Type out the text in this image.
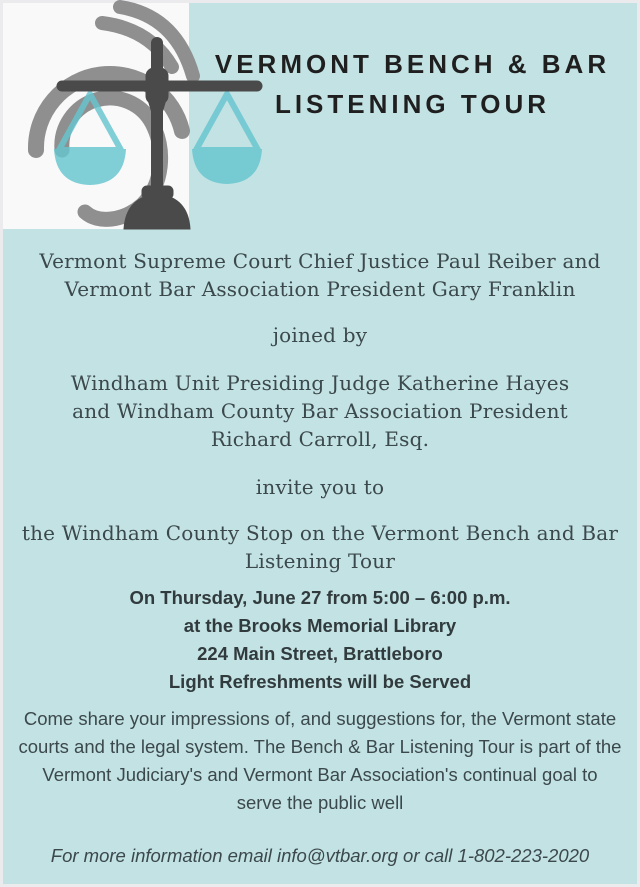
VERMONT BENCH & BAR
LISTENING TOUR

Vermont Supreme Court Chief Justice Paul Reiber and
Vermont Bar Association President Gary Franklin

joined by

Windham Unit Presiding Judge Katherine Hayes
and Windham County Bar Association President
Richard Carroll, Esq.

invite you to

the Windham County Stop on the Vermont Bench and Bar
Listening Tour

On Thursday, June 27 from 5:00 – 6:00 p.m.
at the Brooks Memorial Library
224 Main Street, Brattleboro
Light Refreshments will be Served

Come share your impressions of, and suggestions for, the Vermont state courts and the legal system. The Bench & Bar Listening Tour is part of the Vermont Judiciary's and Vermont Bar Association's continual goal to serve the public well

For more information email info@vtbar.org or call 1-802-223-2020
